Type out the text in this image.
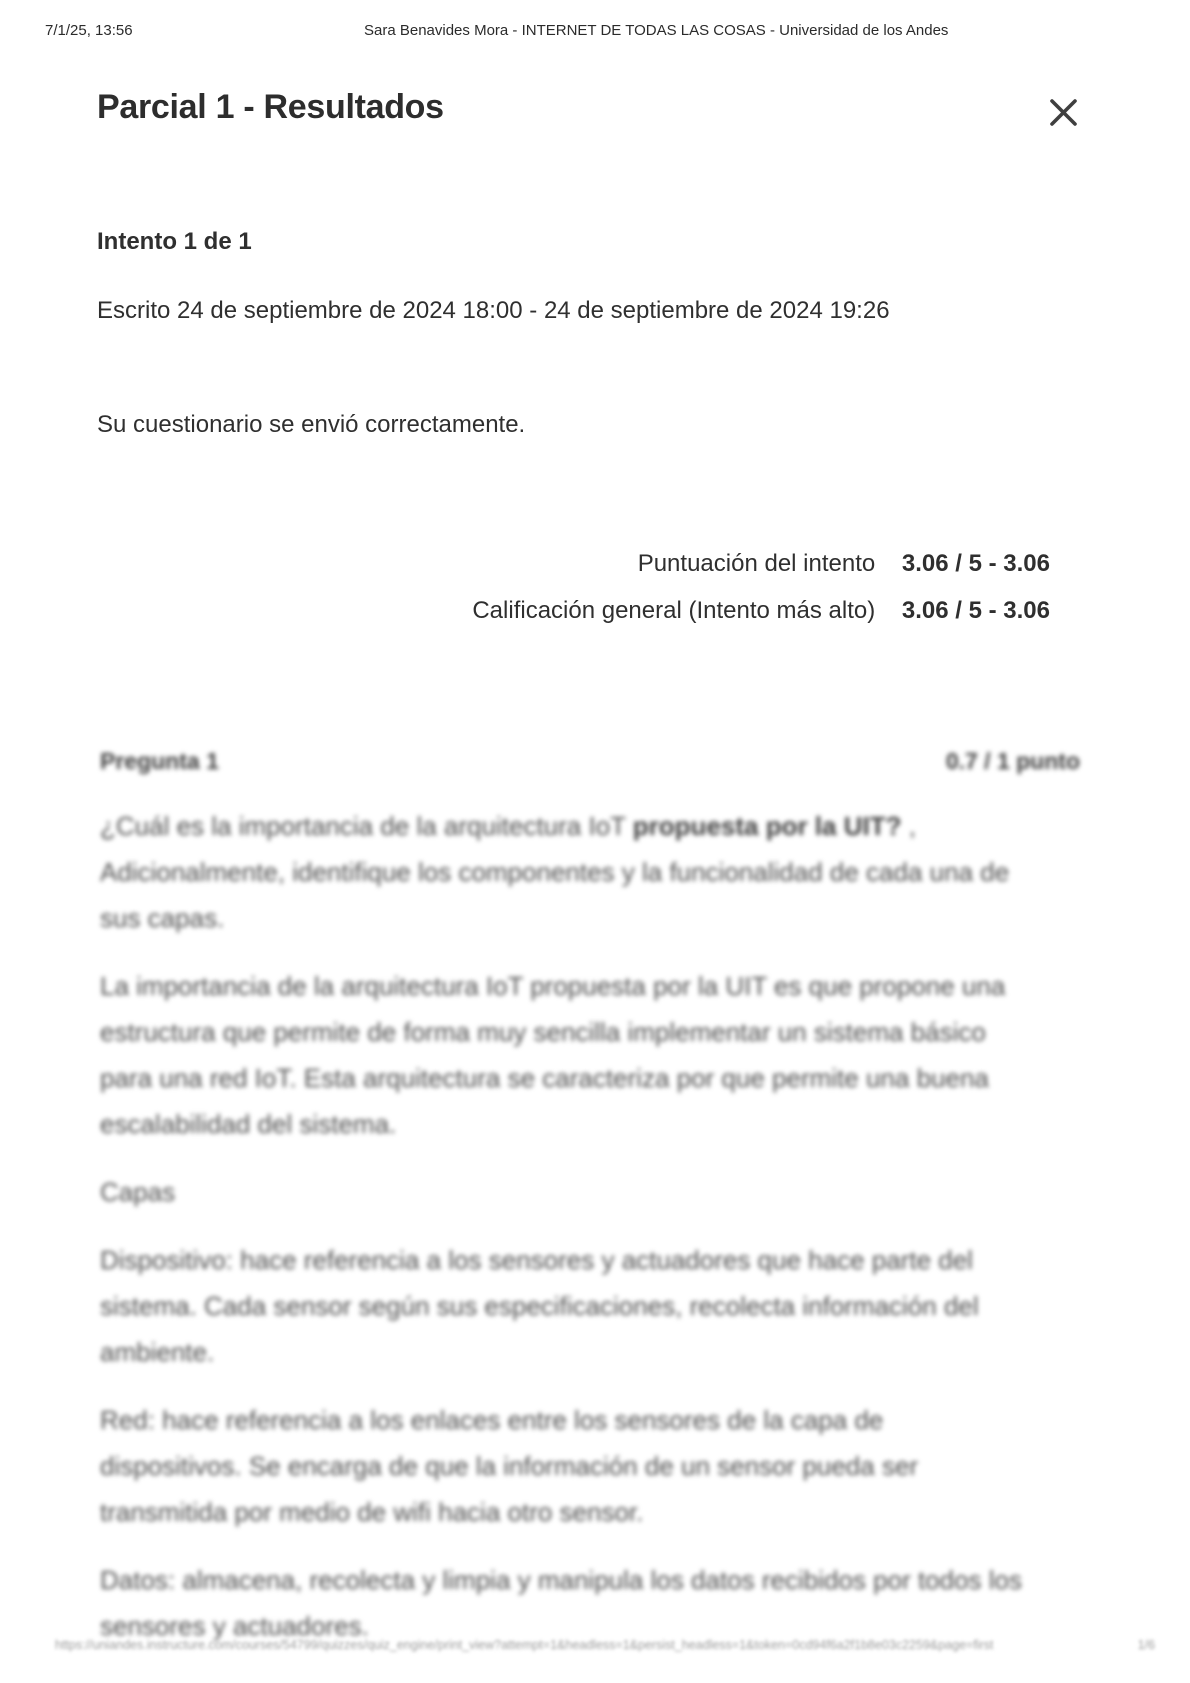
7/1/25, 13:56	Sara Benavides Mora - INTERNET DE TODAS LAS COSAS - Universidad de los Andes
Parcial 1 - Resultados
Intento 1 de 1

Escrito 24 de septiembre de 2024 18:00 - 24 de septiembre de 2024 19:26

Su cuestionario se envió correctamente.

Puntuación del intento 3.06 / 5 - 3.06
Calificación general (Intento más alto) 3.06 / 5 - 3.06
Pregunta 1	0.7 / 1 punto

¿Cuál es la importancia de la arquitectura IoT propuesta por la UIT? ,
Adicionalmente, identifique los componentes y la funcionalidad de cada una de sus capas.

La importancia de la arquitectura IoT propuesta por la UIT es que propone una estructura que permite de forma muy sencilla implementar un sistema básico para una red IoT. Esta arquitectura se caracteriza por que permite una buena escalabilidad del sistema.

Capas

Dispositivo: hace referencia a los sensores y actuadores que hace parte del sistema. Cada sensor según sus especificaciones, recolecta información del ambiente.

Red: hace referencia a los enlaces entre los sensores de la capa de dispositivos. Se encarga de que la información de un sensor pueda ser transmitida por medio de wifi hacia otro sensor.

Datos: almacena, recolecta y limpia y manipula los datos recibidos por todos los sensores y actuadores.

https://uniandes.instructure.com/courses/54799/quizzes/quiz_engine/print_view?attempt=1&headless=1&persist_headless=1&token=0cd94f6a2f1b8e03c2259&page=first	1/6
